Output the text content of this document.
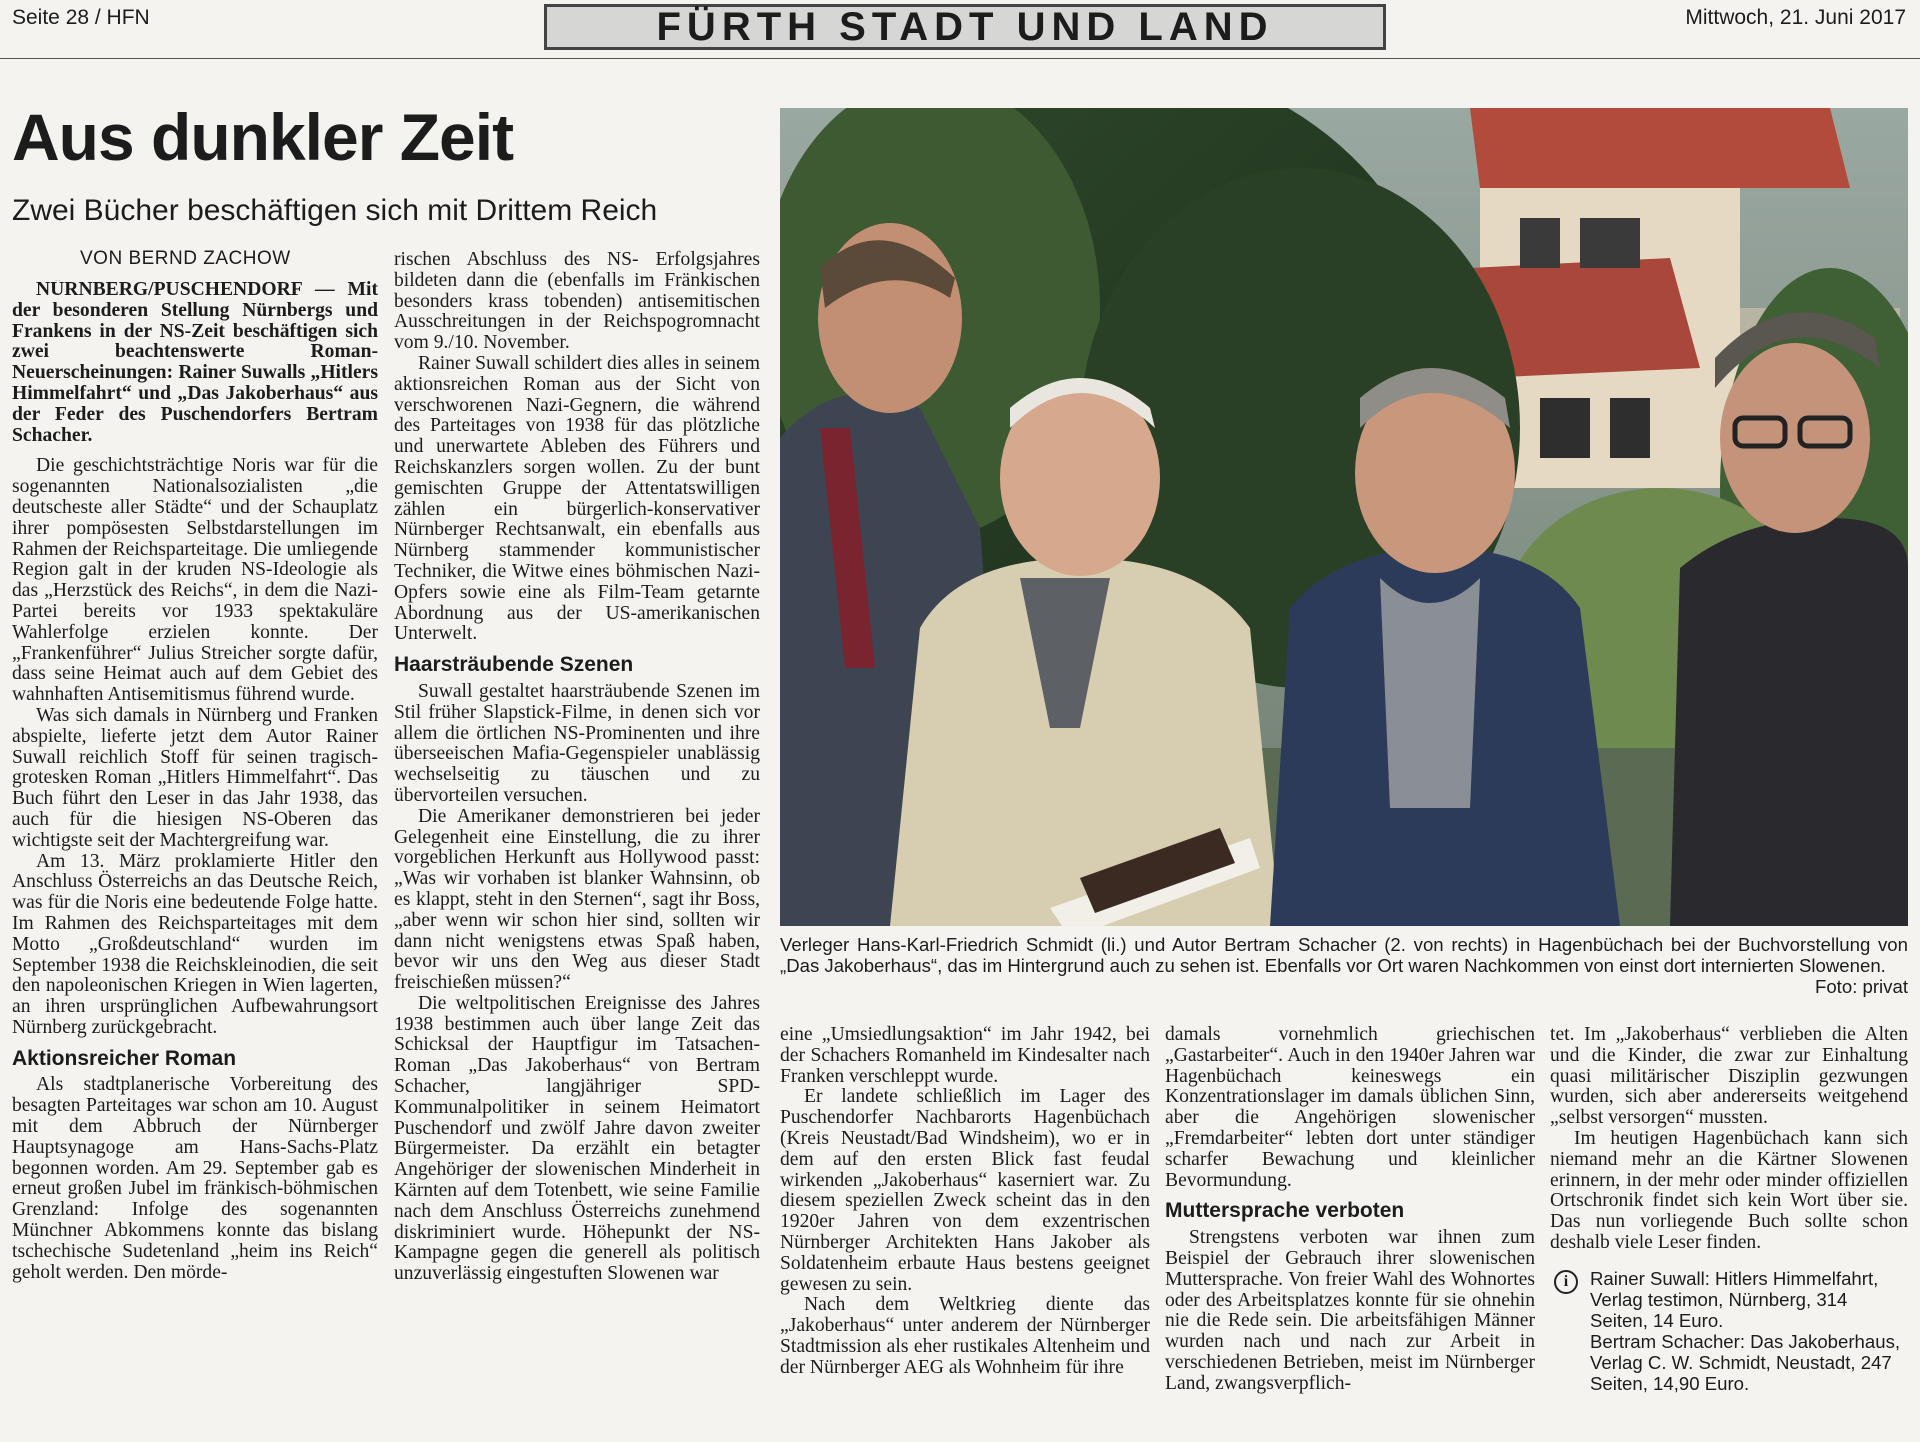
Seite 28 / HFN	FÜRTH STADT UND LAND	Mittwoch, 21. Juni 2017
Aus dunkler Zeit
Zwei Bücher beschäftigen sich mit Drittem Reich
VON BERND ZACHOW

NÜRNBERG/PUSCHENDORF — Mit der besonderen Stellung Nürnbergs und Frankens in der NS-Zeit beschäftigen sich zwei beachtenswerte Roman-Neuerscheinungen: Rainer Suwalls „Hitlers Himmelfahrt“ und „Das Jakoberhaus“ aus der Feder des Puschendorfers Bertram Schacher.

Die geschichtsträchtige Noris war für die sogenannten Nationalsozialisten „die deutscheste aller Städte“ und der Schauplatz ihrer pompösesten Selbstdarstellungen im Rahmen der Reichsparteitage. Die umliegende Region galt in der kruden NS-Ideologie als das „Herzstück des Reichs“, in dem die Nazi-Partei bereits vor 1933 spektakuläre Wahlerfolge erzielen konnte. Der „Frankenführer“ Julius Streicher sorgte dafür, dass seine Heimat auch auf dem Gebiet des wahnhaften Antisemitismus führend wurde.

Was sich damals in Nürnberg und Franken abspielte, lieferte jetzt dem Autor Rainer Suwall reichlich Stoff für seinen tragisch-grotesken Roman „Hitlers Himmelfahrt“. Das Buch führt den Leser in das Jahr 1938, das auch für die hiesigen NS-Oberen das wichtigste seit der Machtergreifung war.

Am 13. März proklamierte Hitler den Anschluss Österreichs an das Deutsche Reich, was für die Noris eine bedeutende Folge hatte. Im Rahmen des Reichsparteitages mit dem Motto „Großdeutschland“ wurden im September 1938 die Reichskleinodien, die seit den napoleonischen Kriegen in Wien lagerten, an ihren ursprünglichen Aufbewahrungsort Nürnberg zurückgebracht.

Aktionsreicher Roman

Als stadtplanerische Vorbereitung des besagten Parteitages war schon am 10. August mit dem Abbruch der Nürnberger Hauptsynagoge am Hans-Sachs-Platz begonnen worden. Am 29. September gab es erneut großen Jubel im fränkisch-böhmischen Grenzland: Infolge des sogenannten Münchner Abkommens konnte das bislang tschechische Sudetenland „heim ins Reich“ geholt werden. Den mörde-

rischen Abschluss des NS- Erfolgsjahres bildeten dann die (ebenfalls im Fränkischen besonders krass tobenden) antisemitischen Ausschreitungen in der Reichspogromnacht vom 9./10. November.

Rainer Suwall schildert dies alles in seinem aktionsreichen Roman aus der Sicht von verschworenen Nazi-Gegnern, die während des Parteitages von 1938 für das plötzliche und unerwartete Ableben des Führers und Reichskanzlers sorgen wollen. Zu der bunt gemischten Gruppe der Attentatswilligen zählen ein bürgerlich-konservativer Nürnberger Rechtsanwalt, ein ebenfalls aus Nürnberg stammender kommunistischer Techniker, die Witwe eines böhmischen Nazi-Opfers sowie eine als Film-Team getarnte Abordnung aus der US-amerikanischen Unterwelt.

Haarsträubende Szenen

Suwall gestaltet haarsträubende Szenen im Stil früher Slapstick-Filme, in denen sich vor allem die örtlichen NS-Prominenten und ihre überseeischen Mafia-Gegenspieler unablässig wechselseitig zu täuschen und zu übervorteilen versuchen.

Die Amerikaner demonstrieren bei jeder Gelegenheit eine Einstellung, die zu ihrer vorgeblichen Herkunft aus Hollywood passt: „Was wir vorhaben ist blanker Wahnsinn, ob es klappt, steht in den Sternen“, sagt ihr Boss, „aber wenn wir schon hier sind, sollten wir dann nicht wenigstens etwas Spaß haben, bevor wir uns den Weg aus dieser Stadt freischießen müssen?“

Die weltpolitischen Ereignisse des Jahres 1938 bestimmen auch über lange Zeit das Schicksal der Hauptfigur im Tatsachen-Roman „Das Jakoberhaus“ von Bertram Schacher, langjähriger SPD-Kommunalpolitiker in seinem Heimatort Puschendorf und zwölf Jahre davon zweiter Bürgermeister. Da erzählt ein betagter Angehöriger der slowenischen Minderheit in Kärnten auf dem Totenbett, wie seine Familie nach dem Anschluss Österreichs zunehmend diskriminiert wurde. Höhepunkt der NS-Kampagne gegen die generell als politisch unzuverlässig eingestuften Slowenen war

Verleger Hans-Karl-Friedrich Schmidt (li.) und Autor Bertram Schacher (2. von rechts) in Hagenbüchach bei der Buchvorstellung von „Das Jakoberhaus“, das im Hintergrund auch zu sehen ist. Ebenfalls vor Ort waren Nachkommen von einst dort internierten Slowenen.
Foto: privat

eine „Umsiedlungsaktion“ im Jahr 1942, bei der Schachers Romanheld im Kindesalter nach Franken verschleppt wurde.

Er landete schließlich im Lager des Puschendorfer Nachbarorts Hagenbüchach (Kreis Neustadt/Bad Windsheim), wo er in dem auf den ersten Blick fast feudal wirkenden „Jakoberhaus“ kaserniert war. Zu diesem speziellen Zweck scheint das in den 1920er Jahren von dem exzentrischen Nürnberger Architekten Hans Jakober als Soldatenheim erbaute Haus bestens geeignet gewesen zu sein.

Nach dem Weltkrieg diente das „Jakoberhaus“ unter anderem der Nürnberger Stadtmission als eher rustikales Altenheim und der Nürnberger AEG als Wohnheim für ihre

damals vornehmlich griechischen „Gastarbeiter“. Auch in den 1940er Jahren war Hagenbüchach keineswegs ein Konzentrationslager im damals üblichen Sinn, aber die Angehörigen slowenischer „Fremdarbeiter“ lebten dort unter ständiger scharfer Bewachung und kleinlicher Bevormundung.

Muttersprache verboten

Strengstens verboten war ihnen zum Beispiel der Gebrauch ihrer slowenischen Muttersprache. Von freier Wahl des Wohnortes oder des Arbeitsplatzes konnte für sie ohnehin nie die Rede sein. Die arbeitsfähigen Männer wurden nach und nach zur Arbeit in verschiedenen Betrieben, meist im Nürnberger Land, zwangsverpflich-

tet. Im „Jakoberhaus“ verblieben die Alten und die Kinder, die zwar zur Einhaltung quasi militärischer Disziplin gezwungen wurden, sich aber andererseits weitgehend „selbst versorgen“ mussten.

Im heutigen Hagenbüchach kann sich niemand mehr an die Kärtner Slowenen erinnern, in der mehr oder minder offiziellen Ortschronik findet sich kein Wort über sie. Das nun vorliegende Buch sollte schon deshalb viele Leser finden.

i	Rainer Suwall: Hitlers Himmelfahrt, Verlag testimon, Nürnberg, 314 Seiten, 14 Euro.

Bertram Schacher: Das Jakoberhaus, Verlag C. W. Schmidt, Neustadt, 247 Seiten, 14,90 Euro.
